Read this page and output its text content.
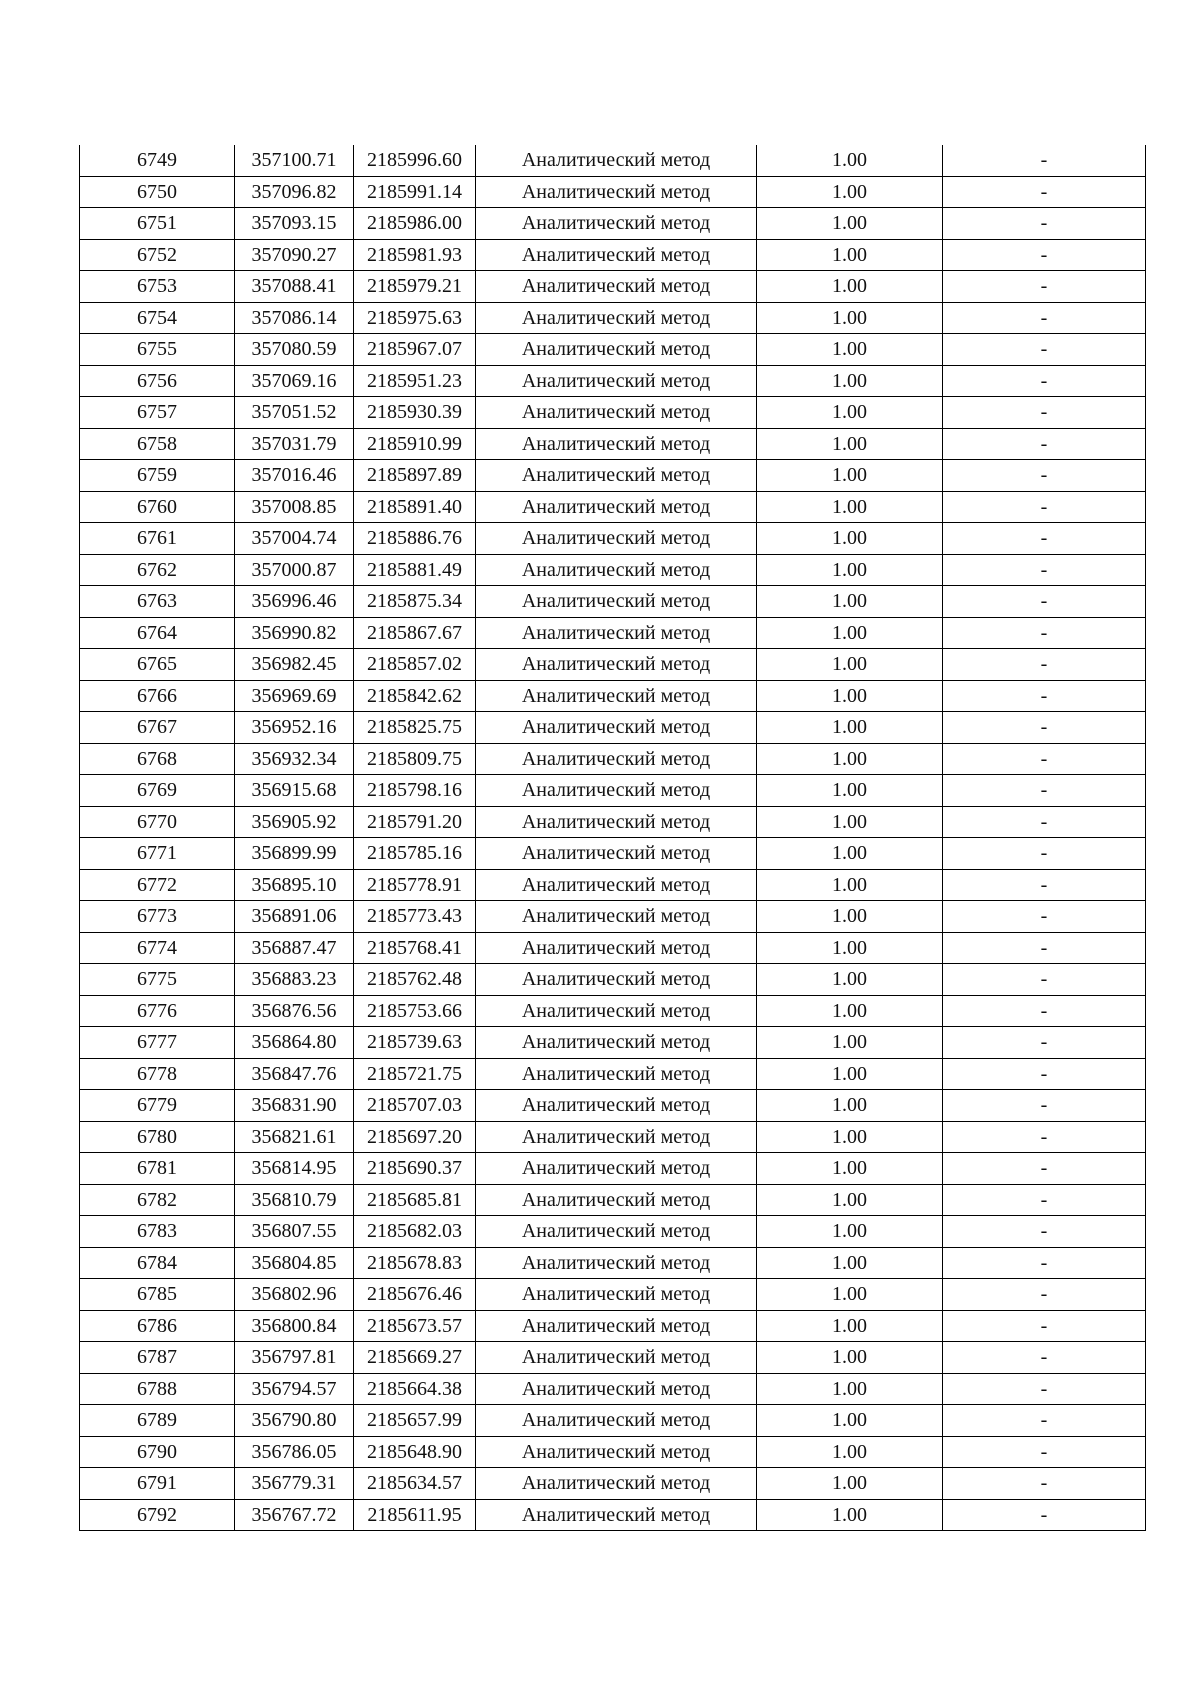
6749	357100.71	2185996.60	Аналитический метод	1.00	-
6750	357096.82	2185991.14	Аналитический метод	1.00	-
6751	357093.15	2185986.00	Аналитический метод	1.00	-
6752	357090.27	2185981.93	Аналитический метод	1.00	-
6753	357088.41	2185979.21	Аналитический метод	1.00	-
6754	357086.14	2185975.63	Аналитический метод	1.00	-
6755	357080.59	2185967.07	Аналитический метод	1.00	-
6756	357069.16	2185951.23	Аналитический метод	1.00	-
6757	357051.52	2185930.39	Аналитический метод	1.00	-
6758	357031.79	2185910.99	Аналитический метод	1.00	-
6759	357016.46	2185897.89	Аналитический метод	1.00	-
6760	357008.85	2185891.40	Аналитический метод	1.00	-
6761	357004.74	2185886.76	Аналитический метод	1.00	-
6762	357000.87	2185881.49	Аналитический метод	1.00	-
6763	356996.46	2185875.34	Аналитический метод	1.00	-
6764	356990.82	2185867.67	Аналитический метод	1.00	-
6765	356982.45	2185857.02	Аналитический метод	1.00	-
6766	356969.69	2185842.62	Аналитический метод	1.00	-
6767	356952.16	2185825.75	Аналитический метод	1.00	-
6768	356932.34	2185809.75	Аналитический метод	1.00	-
6769	356915.68	2185798.16	Аналитический метод	1.00	-
6770	356905.92	2185791.20	Аналитический метод	1.00	-
6771	356899.99	2185785.16	Аналитический метод	1.00	-
6772	356895.10	2185778.91	Аналитический метод	1.00	-
6773	356891.06	2185773.43	Аналитический метод	1.00	-
6774	356887.47	2185768.41	Аналитический метод	1.00	-
6775	356883.23	2185762.48	Аналитический метод	1.00	-
6776	356876.56	2185753.66	Аналитический метод	1.00	-
6777	356864.80	2185739.63	Аналитический метод	1.00	-
6778	356847.76	2185721.75	Аналитический метод	1.00	-
6779	356831.90	2185707.03	Аналитический метод	1.00	-
6780	356821.61	2185697.20	Аналитический метод	1.00	-
6781	356814.95	2185690.37	Аналитический метод	1.00	-
6782	356810.79	2185685.81	Аналитический метод	1.00	-
6783	356807.55	2185682.03	Аналитический метод	1.00	-
6784	356804.85	2185678.83	Аналитический метод	1.00	-
6785	356802.96	2185676.46	Аналитический метод	1.00	-
6786	356800.84	2185673.57	Аналитический метод	1.00	-
6787	356797.81	2185669.27	Аналитический метод	1.00	-
6788	356794.57	2185664.38	Аналитический метод	1.00	-
6789	356790.80	2185657.99	Аналитический метод	1.00	-
6790	356786.05	2185648.90	Аналитический метод	1.00	-
6791	356779.31	2185634.57	Аналитический метод	1.00	-
6792	356767.72	2185611.95	Аналитический метод	1.00	-
